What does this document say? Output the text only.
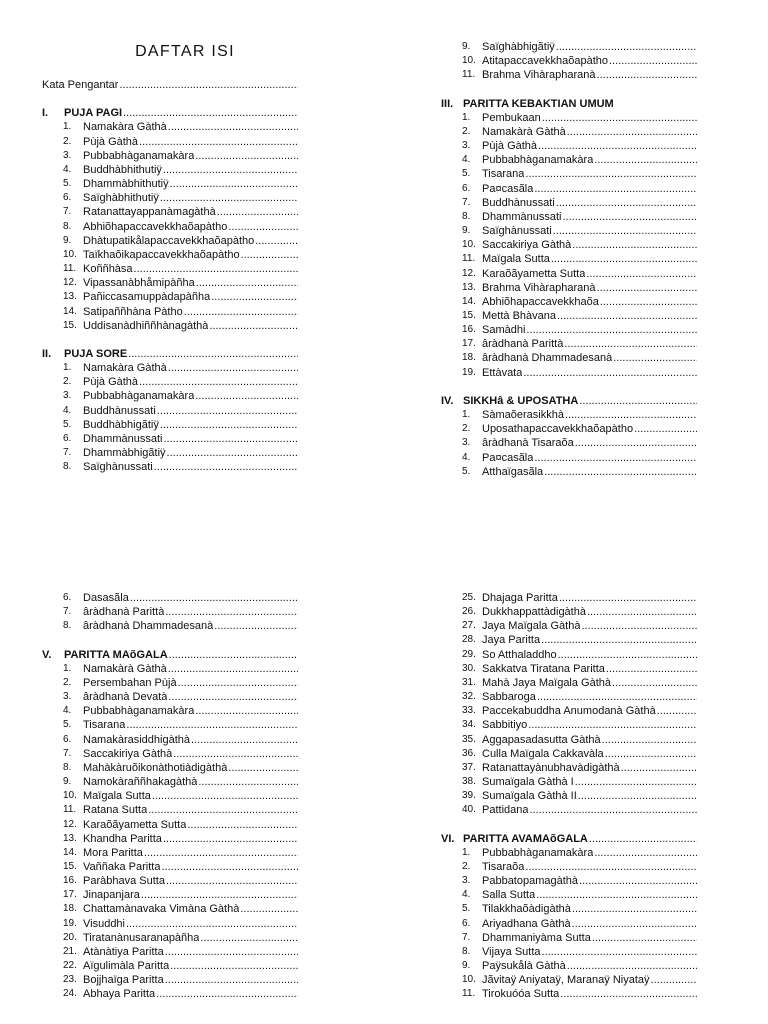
DAFTAR ISI
Kata Pengantar
.....
I.	PUJA PAGI
.....
1.	Namakàra Gàthà
.....
2.	Pùjà Gàthà
.....
3.	Pubbabhàganamakàra
.....
4.	Buddhàbhithutiÿ
.....
5.	Dhammàbhithutiÿ
.....
6.	Saïghàbhithutiÿ
.....
7.	Ratanattayappanàmagàthà
.....
8.	Abhiõhapaccavekkhaõapàtho
.....
9.	Dhàtupatikålapaccavekkhaõapàtho
.....
10. Taïkhaõikapaccavekkhaõapàtho
.....
11. Koññhàsa
.....
12. Vipassanàbhåmipàñha
.....
13. Pañiccasamuppàdapàñha
.....
14. Satipaññhàna Pàtho
.....
15. Uddisanàdhiññhànagàthà
.....
II.	PUJA SORE
.....
1.	Namakàra Gàthà
.....
2.	Pùjà Gàthà
.....
3.	Pubbabhàganamakàra
.....
4.	Buddhànussati
.....
5.	Buddhàbhigãtiÿ
.....
6.	Dhammànussati
.....
7.	Dhammàbhigãtiÿ
.....
8.	Saïghànussati
.....
9.	Saïghàbhigãtiÿ
.....
10. Atitapaccavekkhaõapàtho
.....
11. Brahma Vihàrapharanà
.....
III. PARITTA KEBAKTIAN UMUM
1.	Pembukaan
.....
2.	Namakàrà Gàthà
.....
3.	Pùjà Gàthà
.....
4.	Pubbabhàganamakàra
.....
5.	Tisarana
.....
6.	Pa¤casãla
.....
7.	Buddhànussati
.....
8.	Dhammànussati
.....
9.	Saïghànussati
.....
10. Saccakiriya Gàthà
.....
11. Maïgala Sutta
.....
12. Karaõãyametta Sutta
.....
13. Brahma Vihàrapharanà
.....
14. Abhiõhapaccavekkhaõa
.....
15. Mettà Bhàvana
.....
16. Samàdhi
.....
17. âràdhanà Parittà
.....
18. âràdhanà Dhammadesanà
.....
19. Ettàvata
.....
IV. SIKKHâ & UPOSATHA
.....
1.	Sàmaõerasikkhà
.....
2.	Uposathapaccavekkhaõapàtho
.....
3.	âràdhanà Tisaraõa
.....
4.	Pa¤casãla
.....
5.	Atthaïgasãla
.....
6.	Dasasãla
.....
7.	âràdhanà Parittà
.....
8.	âràdhanà Dhammadesanà
.....
V.	PARITTA MAõGALA
.....
1.	Namakàrà Gàthà
.....
2.	Persembahan Pùjà
.....
3.	âràdhanà Devatà
.....
4.	Pubbabhàganamakàra
.....
5.	Tisarana
.....
6.	Namakàrasiddhigàthà
.....
7.	Saccakiriya Gàthà
.....
8.	Mahàkàruõikonàthotiàdigàthà
.....
9.	Namokàraññhakagàthà
.....
10. Maïgala Sutta
.....
11. Ratana Sutta
.....
12. Karaõãyametta Sutta
.....
13. Khandha Paritta
.....
14. Mora Paritta
.....
15. Vaññaka Paritta
.....
16. Paràbhava Sutta
.....
17. Jinapanjara
.....
18. Chattamànavaka Vimàna Gàthà
.....
19. Visuddhi
.....
20. Tiratanànusaranapàñha
.....
21. Atànàtiya Paritta
.....
22. Aïgulimàla Paritta
.....
23. Bojjhaïga Paritta
.....
24. Abhaya Paritta
.....
25. Dhajaga Paritta
.....
26. Dukkhappattàdigàthà
.....
27. Jaya Maïgala Gàthà
.....
28. Jaya Paritta
.....
29. So Atthaladdho
.....
30. Sakkatva Tiratana Paritta
.....
31. Mahà Jaya Maïgala Gàthà
.....
32. Sabbaroga
.....
33. Paccekabuddha Anumodanà Gàthà
.....
34. Sabbitiyo
.....
35. Aggapasadasutta Gàthà
.....
36. Culla Maïgala Cakkavàla
.....
37. Ratanattayànubhavàdigàthà
.....
38. Sumaïgala Gàthà I
.....
39. Sumaïgala Gàthà II
.....
40. Pattidana
.....
VI. PARITTA AVAMAõGALA
.....
1.	Pubbabhàganamakàra
.....
2.	Tisaraõa
.....
3.	Pabbatopamagàthà
.....
4.	Salla Sutta
.....
5.	Tilakkhaõàdigàthà
.....
6.	Ariyadhana Gàthà
.....
7.	Dhammaniyàma Sutta
.....
8.	Vijaya Sutta
.....
9.	Paÿsukålà Gàthà
.....
10. Jãvitaÿ Aniyataÿ, Maranaÿ Niyataÿ
.....
11. Tirokuóóa Sutta
.....
